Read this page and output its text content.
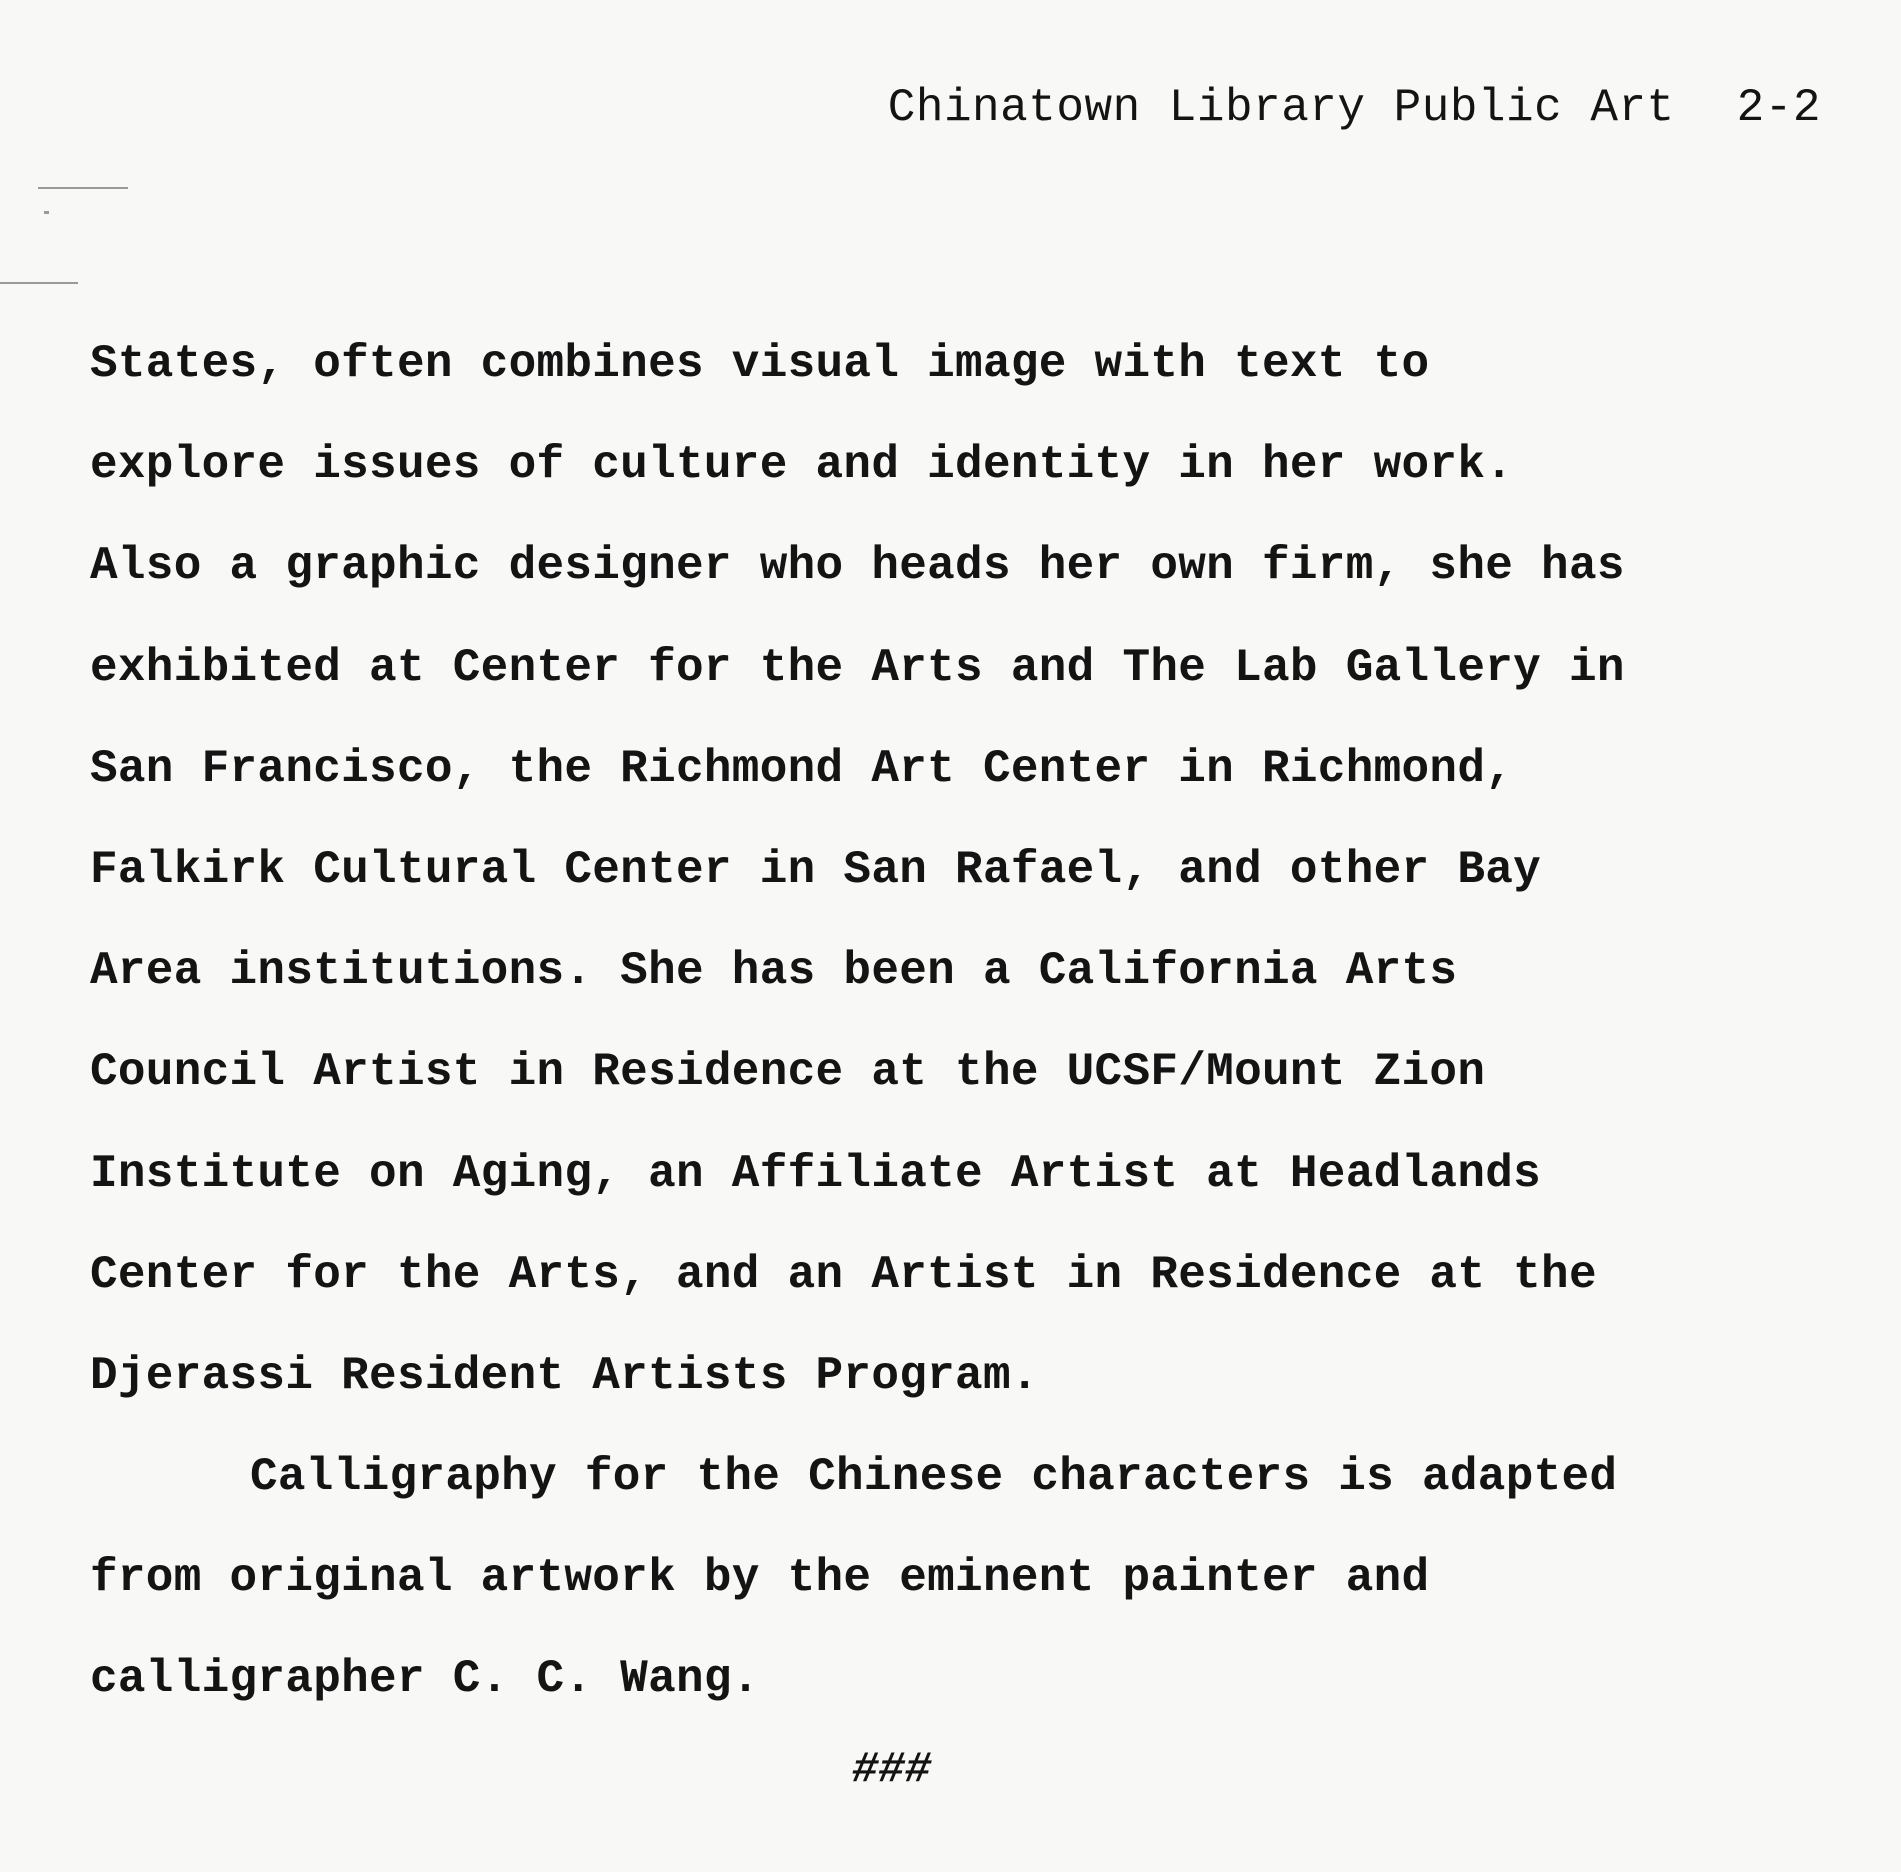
Chinatown Library Public Art 2-2
States, often combines visual image with text to
explore issues of culture and identity in her work.
Also a graphic designer who heads her own firm, she has
exhibited at Center for the Arts and The Lab Gallery in
San Francisco, the Richmond Art Center in Richmond,
Falkirk Cultural Center in San Rafael, and other Bay
Area institutions. She has been a California Arts
Council Artist in Residence at the UCSF/Mount Zion
Institute on Aging, an Affiliate Artist at Headlands
Center for the Arts, and an Artist in Residence at the
Djerassi Resident Artists Program.
Calligraphy for the Chinese characters is adapted
from original artwork by the eminent painter and
calligrapher C. C. Wang.
###
